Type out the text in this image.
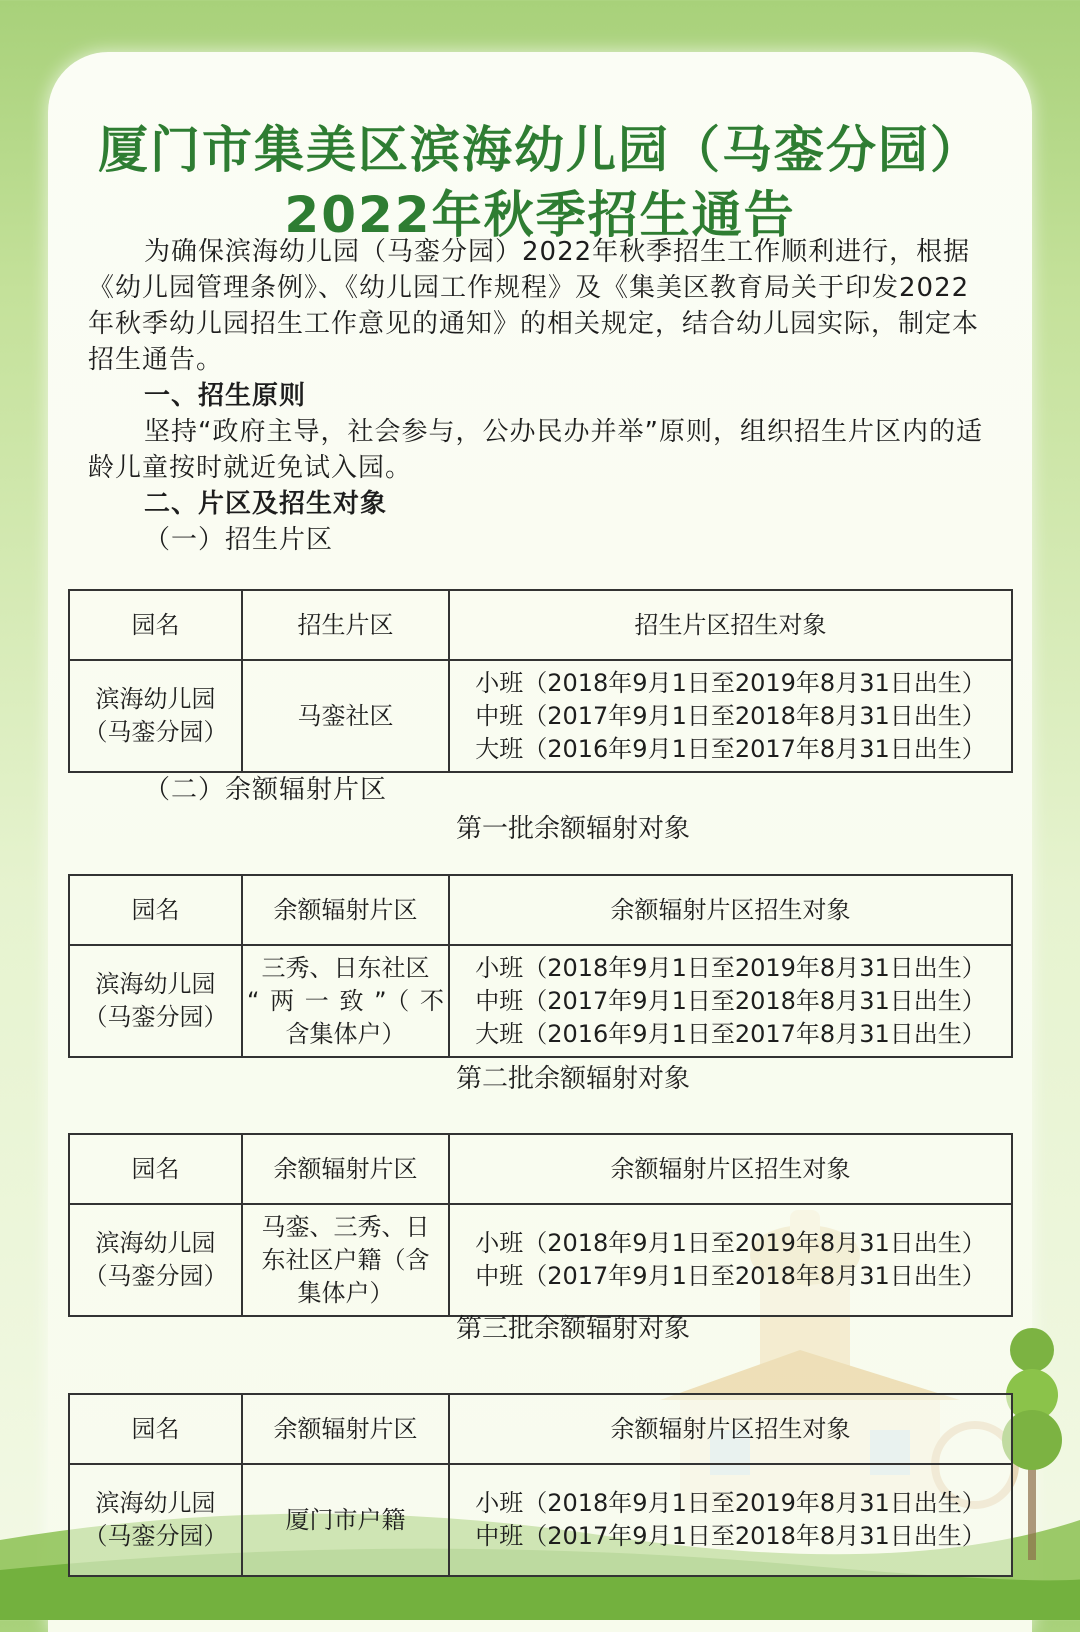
厦门市集美区滨海幼儿园（马銮分园）
2022年秋季招生通告

为确保滨海幼儿园（马銮分园）2022年秋季招生工作顺利进行，根据《幼儿园管理条例》、《幼儿园工作规程》及《集美区教育局关于印发2022年秋季幼儿园招生工作意见的通知》的相关规定，结合幼儿园实际，制定本招生通告。

一、招生原则

坚持“政府主导，社会参与，公办民办并举”原则，组织招生片区内的适龄儿童按时就近免试入园。

二、片区及招生对象

（一）招生片区

园名	招生片区	招生片区招生对象

滨海幼儿园
（马銮分园）	马銮社区	小班（2018年9月1日至2019年8月31日出生）
中班（2017年9月1日至2018年8月31日出生）
大班（2016年9月1日至2017年8月31日出生）

（二）余额辐射片区

第一批余额辐射对象

园名	余额辐射片区	余额辐射片区招生对象

滨海幼儿园
（马銮分园）	三秀、日东社区
“两一致”（不
含集体户）	小班（2018年9月1日至2019年8月31日出生）
中班（2017年9月1日至2018年8月31日出生）
大班（2016年9月1日至2017年8月31日出生）

第二批余额辐射对象

园名	余额辐射片区	余额辐射片区招生对象

滨海幼儿园
（马銮分园）	马銮、三秀、日
东社区户籍（含
集体户）	小班（2018年9月1日至2019年8月31日出生）
中班（2017年9月1日至2018年8月31日出生）

第三批余额辐射对象

园名	余额辐射片区	余额辐射片区招生对象

滨海幼儿园
（马銮分园）	厦门市户籍	小班（2018年9月1日至2019年8月31日出生）
中班（2017年9月1日至2018年8月31日出生）
